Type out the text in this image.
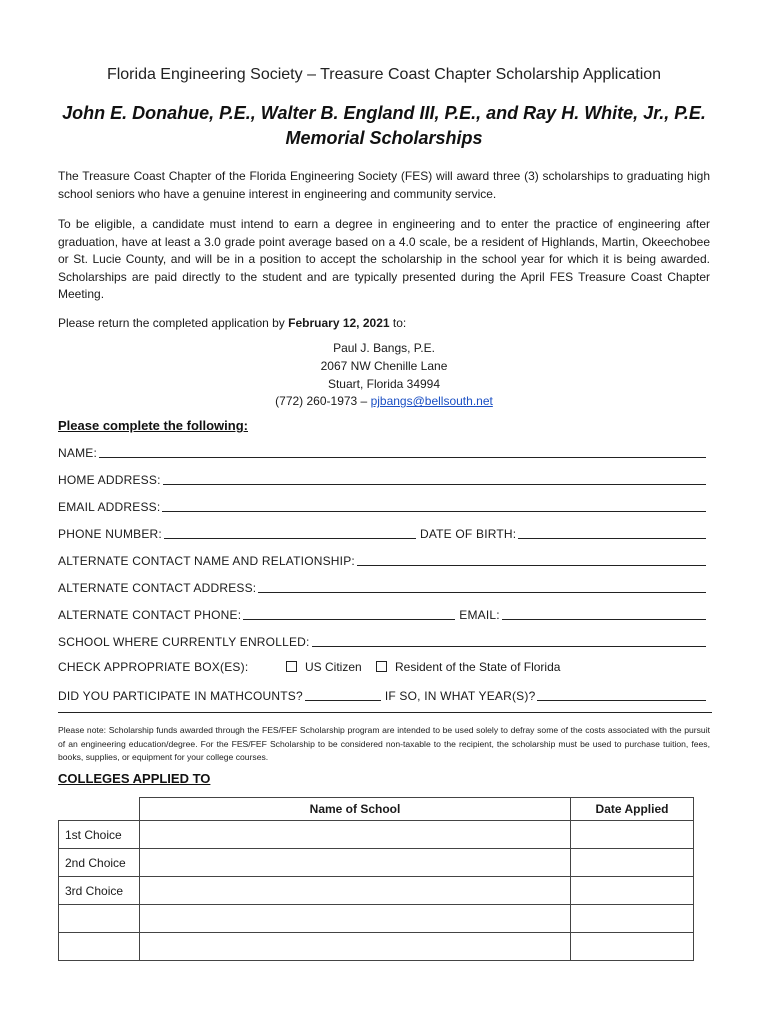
Florida Engineering Society – Treasure Coast Chapter Scholarship Application
John E. Donahue, P.E., Walter B. England III, P.E., and Ray H. White, Jr., P.E.
Memorial Scholarships
The Treasure Coast Chapter of the Florida Engineering Society (FES) will award three (3) scholarships to graduating high school seniors who have a genuine interest in engineering and community service.
To be eligible, a candidate must intend to earn a degree in engineering and to enter the practice of engineering after graduation, have at least a 3.0 grade point average based on a 4.0 scale, be a resident of Highlands, Martin, Okeechobee or St. Lucie County, and will be in a position to accept the scholarship in the school year for which it is being awarded. Scholarships are paid directly to the student and are typically presented during the April FES Treasure Coast Chapter Meeting.
Please return the completed application by February 12, 2021 to:
Paul J. Bangs, P.E.
2067 NW Chenille Lane
Stuart, Florida 34994
(772) 260-1973 – pjbangs@bellsouth.net
Please complete the following:
NAME:
HOME ADDRESS:
EMAIL ADDRESS:
PHONE NUMBER:	DATE OF BIRTH:
ALTERNATE CONTACT NAME AND RELATIONSHIP:
ALTERNATE CONTACT ADDRESS:
ALTERNATE CONTACT PHONE:	EMAIL:
SCHOOL WHERE CURRENTLY ENROLLED:
CHECK APPROPRIATE BOX(ES):	US Citizen	Resident of the State of Florida
DID YOU PARTICIPATE IN MATHCOUNTS?	IF SO, IN WHAT YEAR(S)?
Please note: Scholarship funds awarded through the FES/FEF Scholarship program are intended to be used solely to defray some of the costs associated with the pursuit of an engineering education/degree. For the FES/FEF Scholarship to be considered non-taxable to the recipient, the scholarship must be used to purchase tuition, fees, books, supplies, or equipment for your college courses.
COLLEGES APPLIED TO
	Name of School	Date Applied
1st Choice		
2nd Choice		
3rd Choice		
